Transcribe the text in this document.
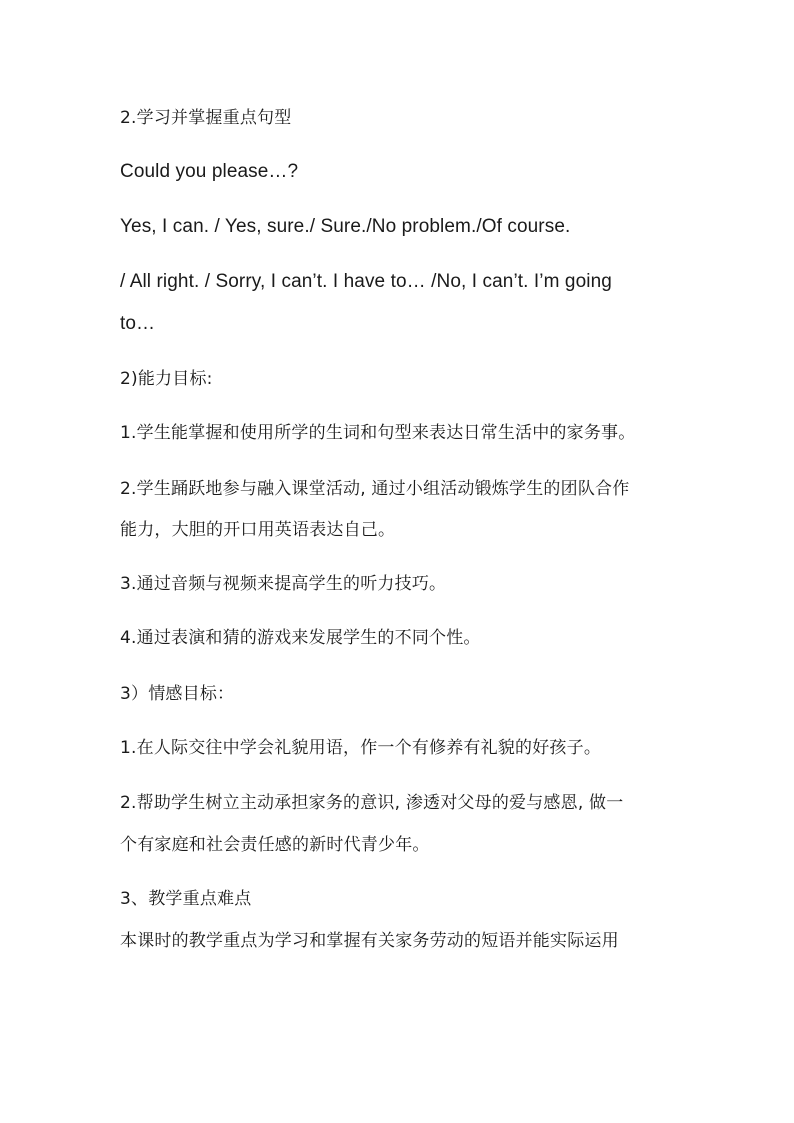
2.学习并掌握重点句型
Could you please…?
Yes, I can. / Yes, sure./ Sure./No problem./Of course.
/ All right. / Sorry, I can’t. I have to… /No, I can’t. I’m going
to…
2)能力目标:
1.学生能掌握和使用所学的生词和句型来表达日常生活中的家务事。
2.学生踊跃地参与融入课堂活动, 通过小组活动锻炼学生的团队合作
能力，大胆的开口用英语表达自己。
3.通过音频与视频来提高学生的听力技巧。
4.通过表演和猜的游戏来发展学生的不同个性。
3）情感目标：
1.在人际交往中学会礼貌用语，作一个有修养有礼貌的好孩子。
2.帮助学生树立主动承担家务的意识, 渗透对父母的爱与感恩, 做一
个有家庭和社会责任感的新时代青少年。
3、教学重点难点
本课时的教学重点为学习和掌握有关家务劳动的短语并能实际运用
